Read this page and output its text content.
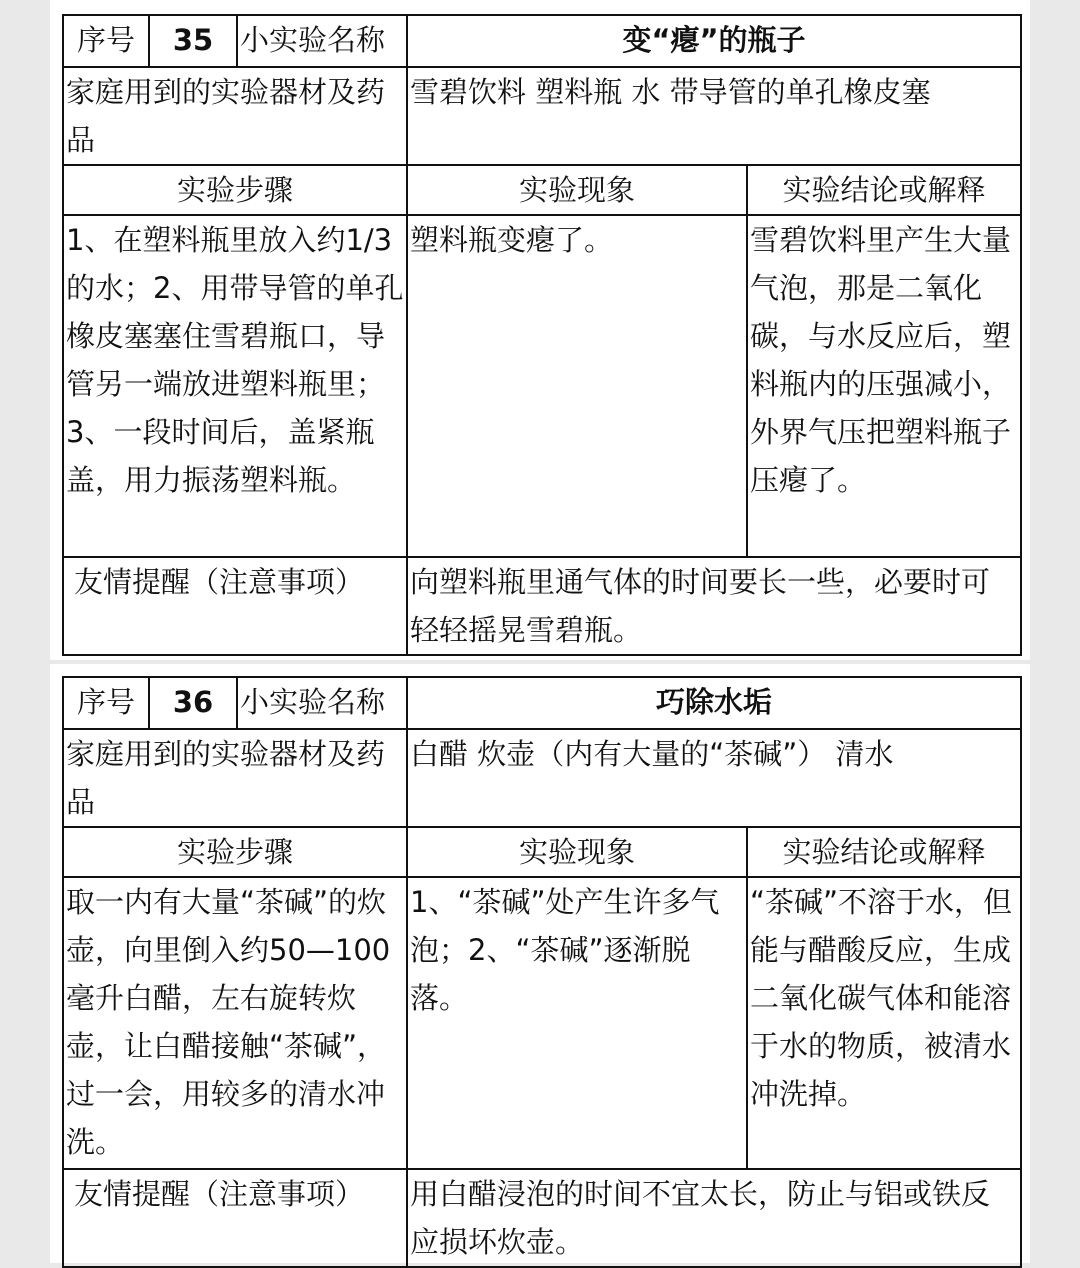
序号	35	小实验名称	变“瘪”的瓶子	
家庭用到的实验器材及药品			雪碧饮料 塑料瓶 水 带导管的单孔橡皮塞	
实验步骤			实验现象	实验结论或解释
1、在塑料瓶里放入约1/3的水；2、用带导管的单孔橡皮塞塞住雪碧瓶口，导管另一端放进塑料瓶里；3、一段时间后，盖紧瓶盖，用力振荡塑料瓶。			塑料瓶变瘪了。	雪碧饮料里产生大量气泡，那是二氧化碳，与水反应后，塑料瓶内的压强减小，外界气压把塑料瓶子压瘪了。
友情提醒（注意事项）			向塑料瓶里通气体的时间要长一些，必要时可轻轻摇晃雪碧瓶。	
序号	36	小实验名称	巧除水垢	
家庭用到的实验器材及药品			白醋 炊壶（内有大量的“茶碱”） 清水	
实验步骤			实验现象	实验结论或解释
取一内有大量“茶碱”的炊壶，向里倒入约50—100毫升白醋，左右旋转炊壶，让白醋接触“茶碱”，过一会，用较多的清水冲洗。			1、“茶碱”处产生许多气泡；2、“茶碱”逐渐脱落。	“茶碱”不溶于水，但能与醋酸反应，生成二氧化碳气体和能溶于水的物质，被清水冲洗掉。
友情提醒（注意事项）			用白醋浸泡的时间不宜太长，防止与铝或铁反应损坏炊壶。	
